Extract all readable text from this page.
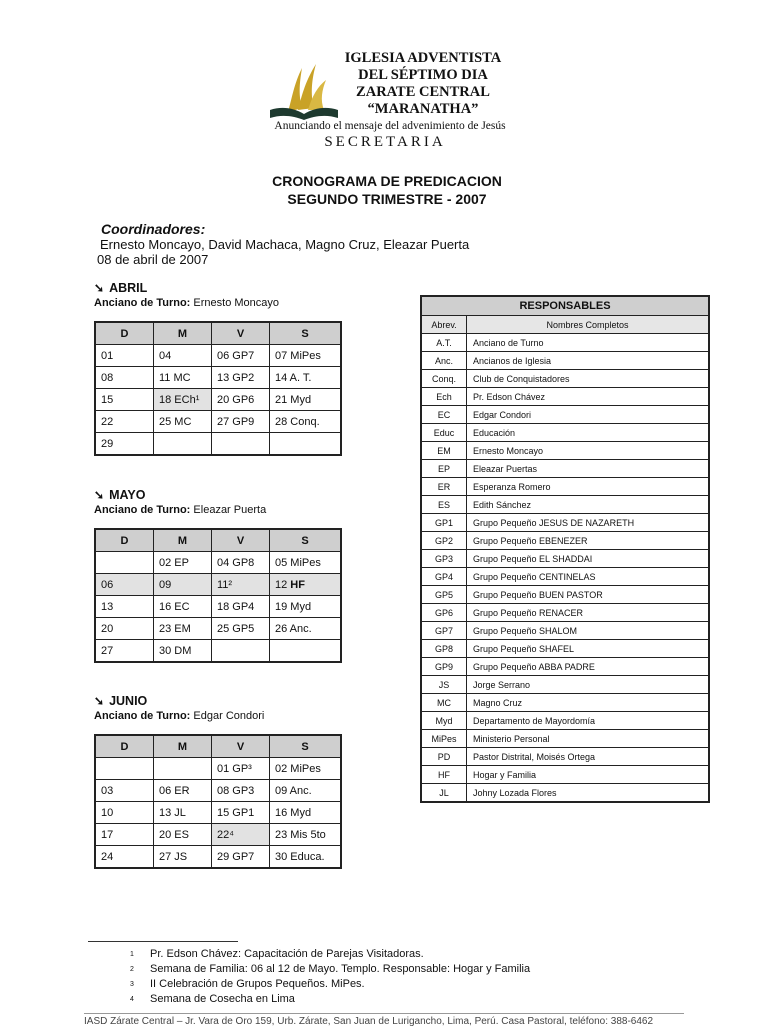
IGLESIA ADVENTISTA
DEL SÉPTIMO DIA
ZARATE CENTRAL
“MARANATHA”
Anunciando el mensaje del advenimiento de Jesús
SECRETARIA
CRONOGRAMA DE PREDICACION
SEGUNDO TRIMESTRE - 2007
Coordinadores:
Ernesto Moncayo, David Machaca, Magno Cruz, Eleazar Puerta
08 de abril de 2007
➘ ABRIL
Anciano de Turno: Ernesto Moncayo
D	M	V	S
01	04	06 GP7	07 MiPes
08	11 MC	13 GP2	14 A. T.
15	18 ECh¹	20 GP6	21 Myd
22	25 MC	27 GP9	28 Conq.
29			
➘ MAYO
Anciano de Turno: Eleazar Puerta
D	M	V	S
	02 EP	04 GP8	05 MiPes
06	09	11²	12 HF
13	16 EC	18 GP4	19 Myd
20	23 EM	25 GP5	26 Anc.
27	30 DM		
➘ JUNIO
Anciano de Turno: Edgar Condori
D	M	V	S
		01 GP³	02 MiPes
03	06 ER	08 GP3	09 Anc.
10	13 JL	15 GP1	16 Myd
17	20 ES	22⁴	23 Mis 5to
24	27 JS	29 GP7	30 Educa.
RESPONSABLES	
Abrev.	Nombres Completos
A.T.	Anciano de Turno
Anc.	Ancianos de Iglesia
Conq.	Club de Conquistadores
Ech	Pr. Edson Chávez
EC	Edgar Condori
Educ	Educación
EM	Ernesto Moncayo
EP	Eleazar Puertas
ER	Esperanza Romero
ES	Edith Sánchez
GP1	Grupo Pequeño JESUS DE NAZARETH
GP2	Grupo Pequeño EBENEZER
GP3	Grupo Pequeño EL SHADDAI
GP4	Grupo Pequeño CENTINELAS
GP5	Grupo Pequeño BUEN PASTOR
GP6	Grupo Pequeño RENACER
GP7	Grupo Pequeño SHALOM
GP8	Grupo Pequeño SHAFEL
GP9	Grupo Pequeño ABBA PADRE
JS	Jorge Serrano
MC	Magno Cruz
Myd	Departamento de Mayordomía
MiPes	Ministerio Personal
PD	Pastor Distrital, Moisés Ortega
HF	Hogar y Familia
JL	Johny Lozada Flores
1 Pr. Edson Chávez: Capacitación de Parejas Visitadoras.
2 Semana de Familia: 06 al 12 de Mayo. Templo. Responsable: Hogar y Familia
3 II Celebración de Grupos Pequeños. MiPes.
4 Semana de Cosecha en Lima
IASD Zárate Central – Jr. Vara de Oro 159, Urb. Zárate, San Juan de Lurigancho, Lima, Perú. Casa Pastoral, teléfono: 388-6462
